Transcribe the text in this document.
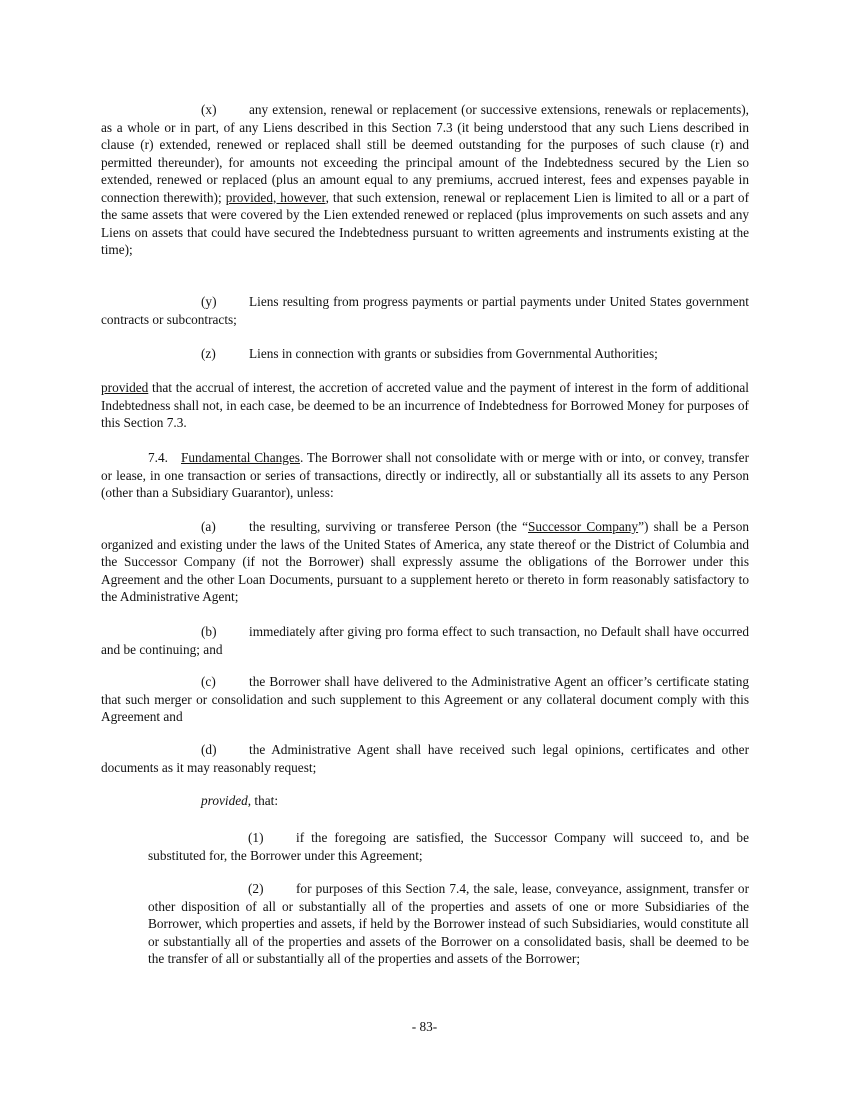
(x) any extension, renewal or replacement (or successive extensions, renewals or replacements), as a whole or in part, of any Liens described in this Section 7.3 (it being understood that any such Liens described in clause (r) extended, renewed or replaced shall still be deemed outstanding for the purposes of such clause (r) and permitted thereunder), for amounts not exceeding the principal amount of the Indebtedness secured by the Lien so extended, renewed or replaced (plus an amount equal to any premiums, accrued interest, fees and expenses payable in connection therewith); provided, however, that such extension, renewal or replacement Lien is limited to all or a part of the same assets that were covered by the Lien extended renewed or replaced (plus improvements on such assets and any Liens on assets that could have secured the Indebtedness pursuant to written agreements and instruments existing at the time);

(y) Liens resulting from progress payments or partial payments under United States government contracts or subcontracts;

(z) Liens in connection with grants or subsidies from Governmental Authorities;

provided that the accrual of interest, the accretion of accreted value and the payment of interest in the form of additional Indebtedness shall not, in each case, be deemed to be an incurrence of Indebtedness for Borrowed Money for purposes of this Section 7.3.

7.4. Fundamental Changes. The Borrower shall not consolidate with or merge with or into, or convey, transfer or lease, in one transaction or series of transactions, directly or indirectly, all or substantially all its assets to any Person (other than a Subsidiary Guarantor), unless:

(a) the resulting, surviving or transferee Person (the “Successor Company”) shall be a Person organized and existing under the laws of the United States of America, any state thereof or the District of Columbia and the Successor Company (if not the Borrower) shall expressly assume the obligations of the Borrower under this Agreement and the other Loan Documents, pursuant to a supplement hereto or thereto in form reasonably satisfactory to the Administrative Agent;

(b) immediately after giving pro forma effect to such transaction, no Default shall have occurred and be continuing; and

(c) the Borrower shall have delivered to the Administrative Agent an officer’s certificate stating that such merger or consolidation and such supplement to this Agreement or any collateral document comply with this Agreement and

(d) the Administrative Agent shall have received such legal opinions, certificates and other documents as it may reasonably request;

provided, that:

(1) if the foregoing are satisfied, the Successor Company will succeed to, and be substituted for, the Borrower under this Agreement;

(2) for purposes of this Section 7.4, the sale, lease, conveyance, assignment, transfer or other disposition of all or substantially all of the properties and assets of one or more Subsidiaries of the Borrower, which properties and assets, if held by the Borrower instead of such Subsidiaries, would constitute all or substantially all of the properties and assets of the Borrower on a consolidated basis, shall be deemed to be the transfer of all or substantially all of the properties and assets of the Borrower;

- 83-
